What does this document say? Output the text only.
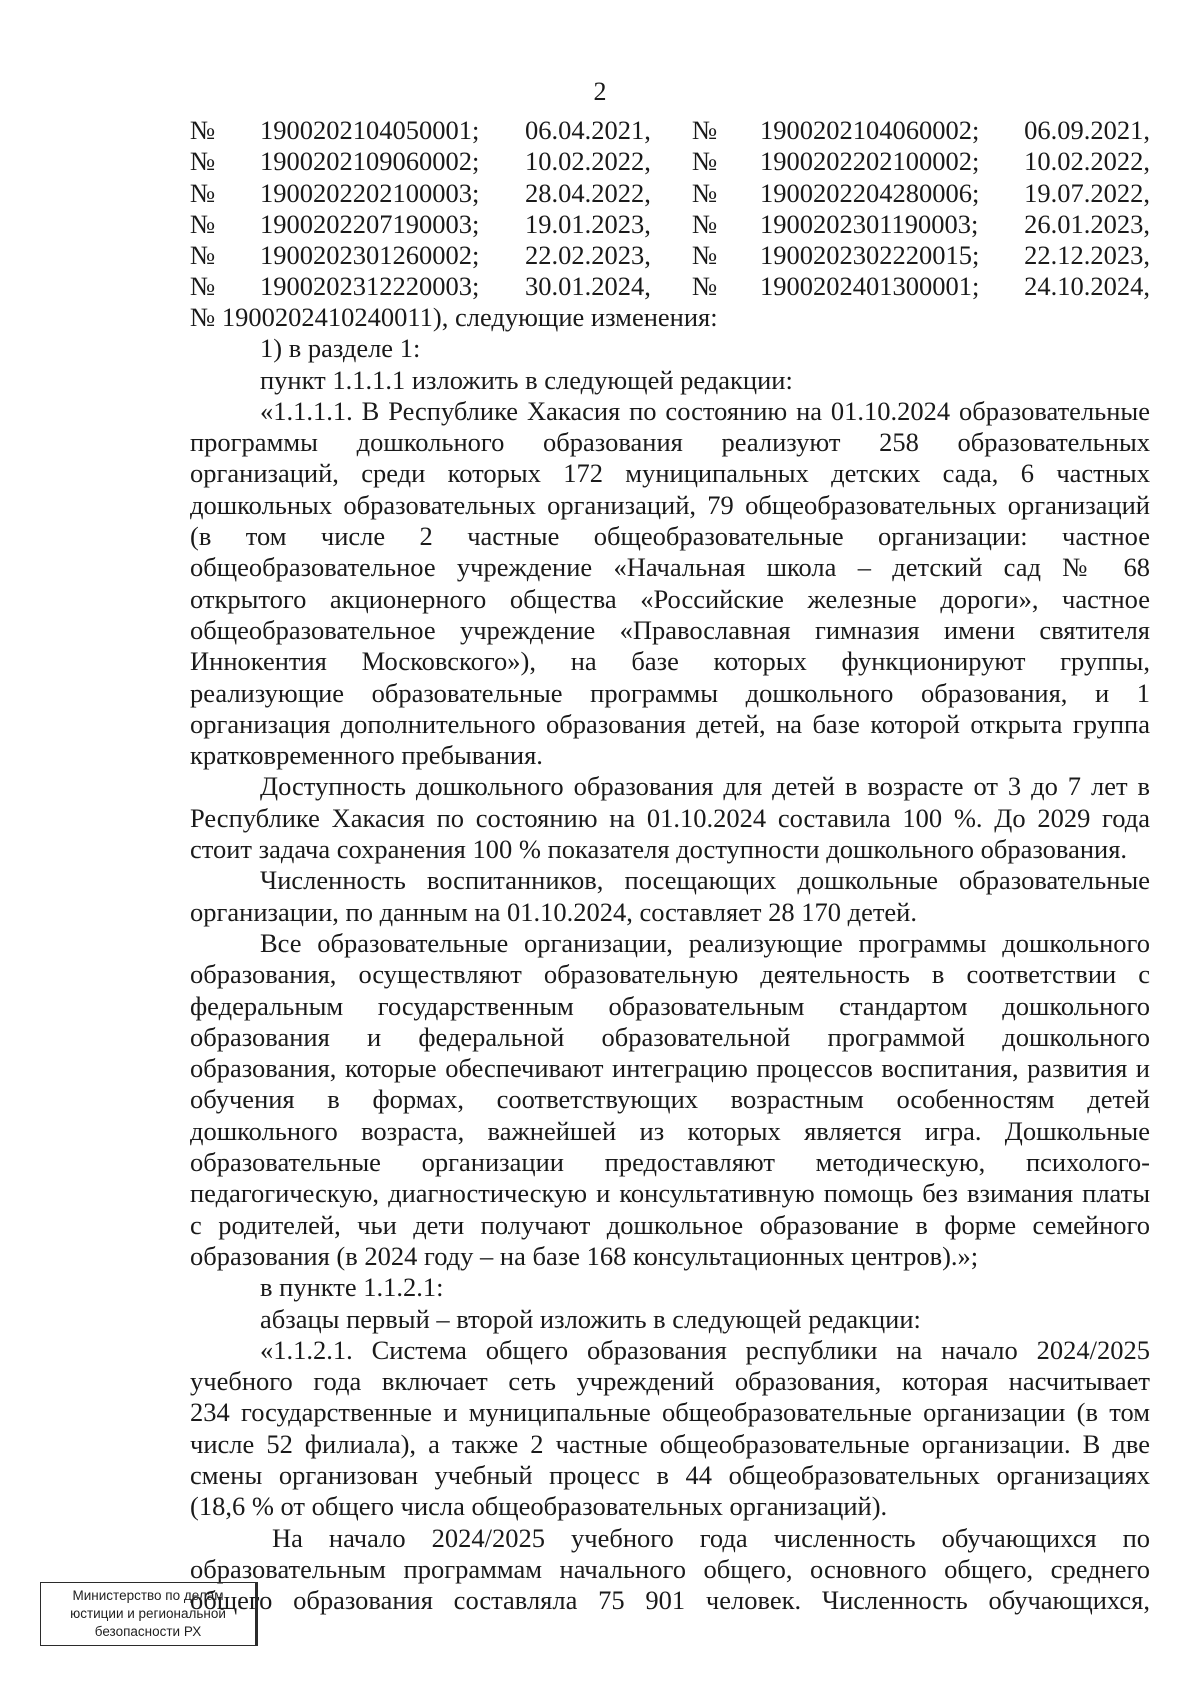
2
№ 1900202104050001; 06.04.2021, № 1900202104060002; 06.09.2021,
№ 1900202109060002; 10.02.2022, № 1900202202100002; 10.02.2022,
№ 1900202202100003; 28.04.2022, № 1900202204280006; 19.07.2022,
№ 1900202207190003; 19.01.2023, № 1900202301190003; 26.01.2023,
№ 1900202301260002; 22.02.2023, № 1900202302220015; 22.12.2023,
№ 1900202312220003; 30.01.2024, № 1900202401300001; 24.10.2024,
№ 1900202410240011), следующие изменения:
1) в разделе 1:
пункт 1.1.1.1 изложить в следующей редакции:
«1.1.1.1. В Республике Хакасия по состоянию на 01.10.2024 образовательные
программы дошкольного образования реализуют 258 образовательных
организаций, среди которых 172 муниципальных детских сада, 6 частных
дошкольных образовательных организаций, 79 общеобразовательных организаций
(в том числе 2 частные общеобразовательные организации: частное
общеобразовательное учреждение «Начальная школа – детский сад № 68
открытого акционерного общества «Российские железные дороги», частное
общеобразовательное учреждение «Православная гимназия имени святителя
Иннокентия Московского»), на базе которых функционируют группы,
реализующие образовательные программы дошкольного образования, и 1
организация дополнительного образования детей, на базе которой открыта группа
кратковременного пребывания.
Доступность дошкольного образования для детей в возрасте от 3 до 7 лет в
Республике Хакасия по состоянию на 01.10.2024 составила 100 %. До 2029 года
стоит задача сохранения 100 % показателя доступности дошкольного образования.
Численность воспитанников, посещающих дошкольные образовательные
организации, по данным на 01.10.2024, составляет 28 170 детей.
Все образовательные организации, реализующие программы дошкольного
образования, осуществляют образовательную деятельность в соответствии с
федеральным государственным образовательным стандартом дошкольного
образования и федеральной образовательной программой дошкольного
образования, которые обеспечивают интеграцию процессов воспитания, развития и
обучения в формах, соответствующих возрастным особенностям детей
дошкольного возраста, важнейшей из которых является игра. Дошкольные
образовательные организации предоставляют методическую, психолого-
педагогическую, диагностическую и консультативную помощь без взимания платы
с родителей, чьи дети получают дошкольное образование в форме семейного
образования (в 2024 году – на базе 168 консультационных центров).»;
в пункте 1.1.2.1:
абзацы первый – второй изложить в следующей редакции:
«1.1.2.1. Система общего образования республики на начало 2024/2025
учебного года включает сеть учреждений образования, которая насчитывает
234 государственные и муниципальные общеобразовательные организации (в том
числе 52 филиала), а также 2 частные общеобразовательные организации. В две
смены организован учебный процесс в 44 общеобразовательных организациях
(18,6 % от общего числа общеобразовательных организаций).
На начало 2024/2025 учебного года численность обучающихся по
образовательным программам начального общего, основного общего, среднего
общего образования составляла 75 901 человек. Численность обучающихся,
Министерство по делам
юстиции и региональной
безопасности РХ
